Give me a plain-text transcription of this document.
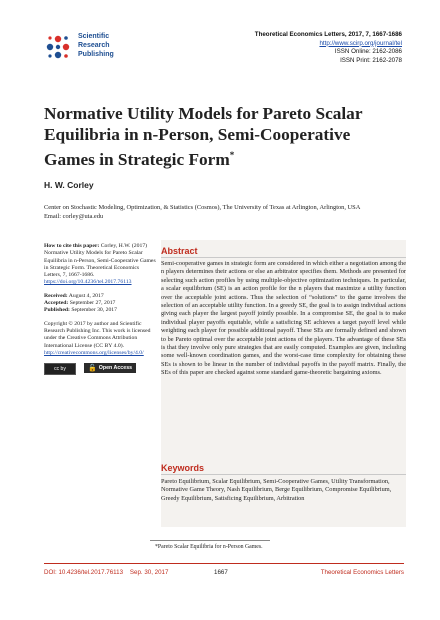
Scientific
Research
Publishing
Theoretical Economics Letters, 2017, 7, 1667-1686
http://www.scirp.org/journal/tel
ISSN Online: 2162-2086
ISSN Print: 2162-2078
Normative Utility Models for Pareto Scalar Equilibria in n-Person, Semi-Cooperative Games in Strategic Form*
H. W. Corley
Center on Stochastic Modeling, Optimization, & Statistics (Cosmos), The University of Texas at Arlington, Arlington, USA
Email: corley@uta.edu

How to cite this paper: Corley, H.W. (2017) Normative Utility Models for Pareto Scalar Equilibria in n-Person, Semi-Cooperative Games in Strategic Form. Theoretical Economics Letters, 7, 1667-1686. https://doi.org/10.4236/tel.2017.76113

Received: August 4, 2017
Accepted: September 27, 2017
Published: September 30, 2017

Copyright © 2017 by author and Scientific Research Publishing Inc. This work is licensed under the Creative Commons Attribution International License (CC BY 4.0).
http://creativecommons.org/licenses/by/4.0/

cc by	🔓 Open Access
Abstract
Semi-cooperative games in strategic form are considered in which either a negotiation among the n players determines their actions or else an arbitrator specifies them. Methods are presented for selecting such action profiles by using multiple-objective optimization techniques. In particular, a scalar equilibrium (SE) is an action profile for the n players that maximize a utility function over the acceptable joint actions. Thus the selection of “solutions” to the game involves the selection of an acceptable utility function. In a greedy SE, the goal is to assign individual actions giving each player the largest payoff jointly possible. In a compromise SE, the goal is to make individual player payoffs equitable, while a satisficing SE achieves a target payoff level while weighting each player for possible additional payoff. These SEs are formally defined and shown to be Pareto optimal over the acceptable joint actions of the players. The advantage of these SEs is that they involve only pure strategies that are easily computed. Examples are given, including some well-known coordination games, and the worst-case time complexity for obtaining these SEs is shown to be linear in the number of individual payoffs in the payoff matrix. Finally, the SEs of this paper are checked against some standard game-theoretic bargaining axioms.
Keywords
Pareto Equilibrium, Scalar Equilibrium, Semi-Cooperative Games, Utility Transformation, Normative Game Theory, Nash Equilibrium, Berge Equilibrium, Compromise Equilibrium, Greedy Equilibrium, Satisficing Equilibrium, Arbitration
*Pareto Scalar Equilibria for n-Person Games.
DOI: 10.4236/tel.2017.76113 Sep. 30, 2017	1667	Theoretical Economics Letters
